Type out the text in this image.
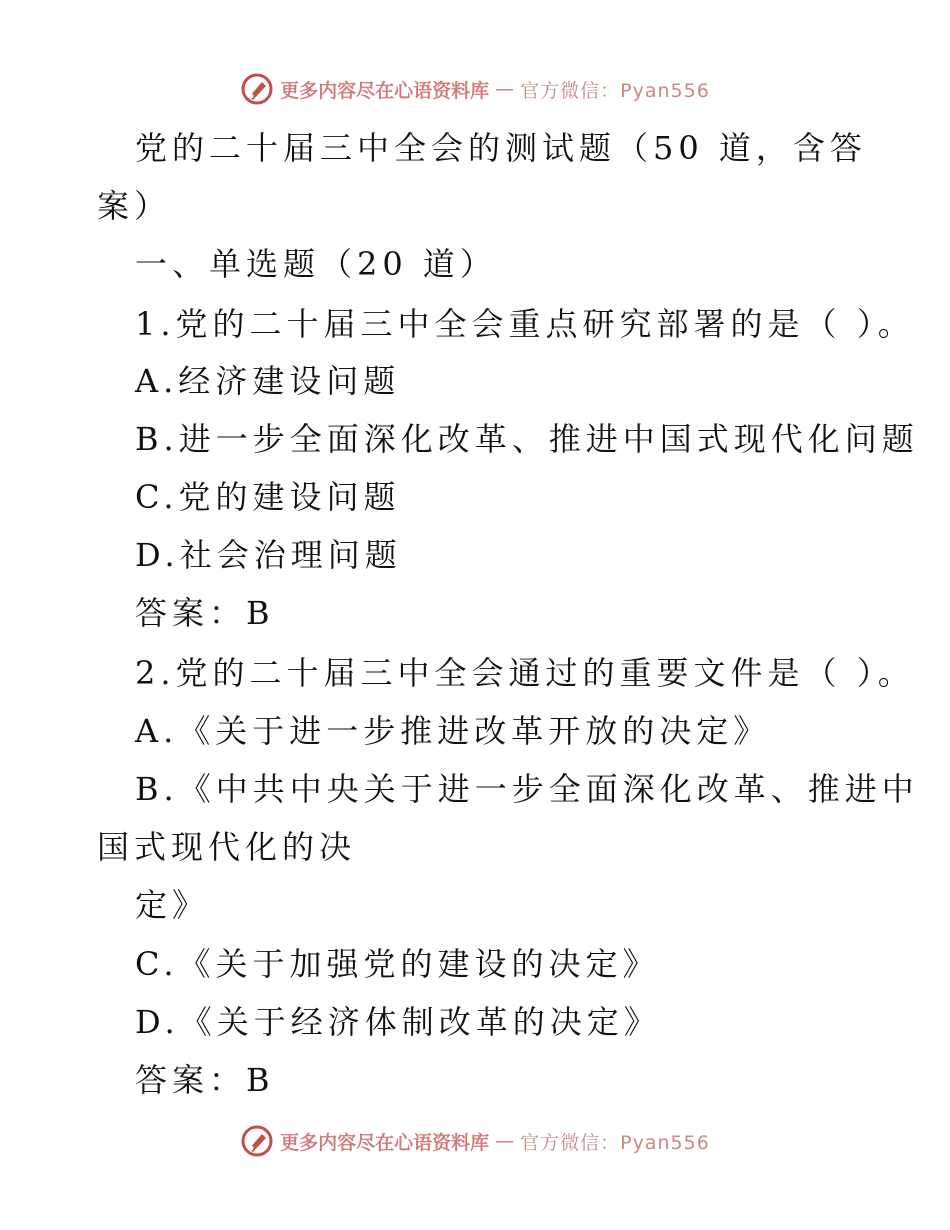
更多内容尽在心语资料库 — 官方微信：Pyan556
党的二十届三中全会的测试题（50 道，含答
案）
一、单选题（20 道）
1.党的二十届三中全会重点研究部署的是（ ）。
A.经济建设问题
B.进一步全面深化改革、推进中国式现代化问题
C.党的建设问题
D.社会治理问题
答案：B
2.党的二十届三中全会通过的重要文件是（ ）。
A.《关于进一步推进改革开放的决定》
B.《中共中央关于进一步全面深化改革、推进中
国式现代化的决
定》
C.《关于加强党的建设的决定》
D.《关于经济体制改革的决定》
答案：B
更多内容尽在心语资料库 — 官方微信：Pyan556
